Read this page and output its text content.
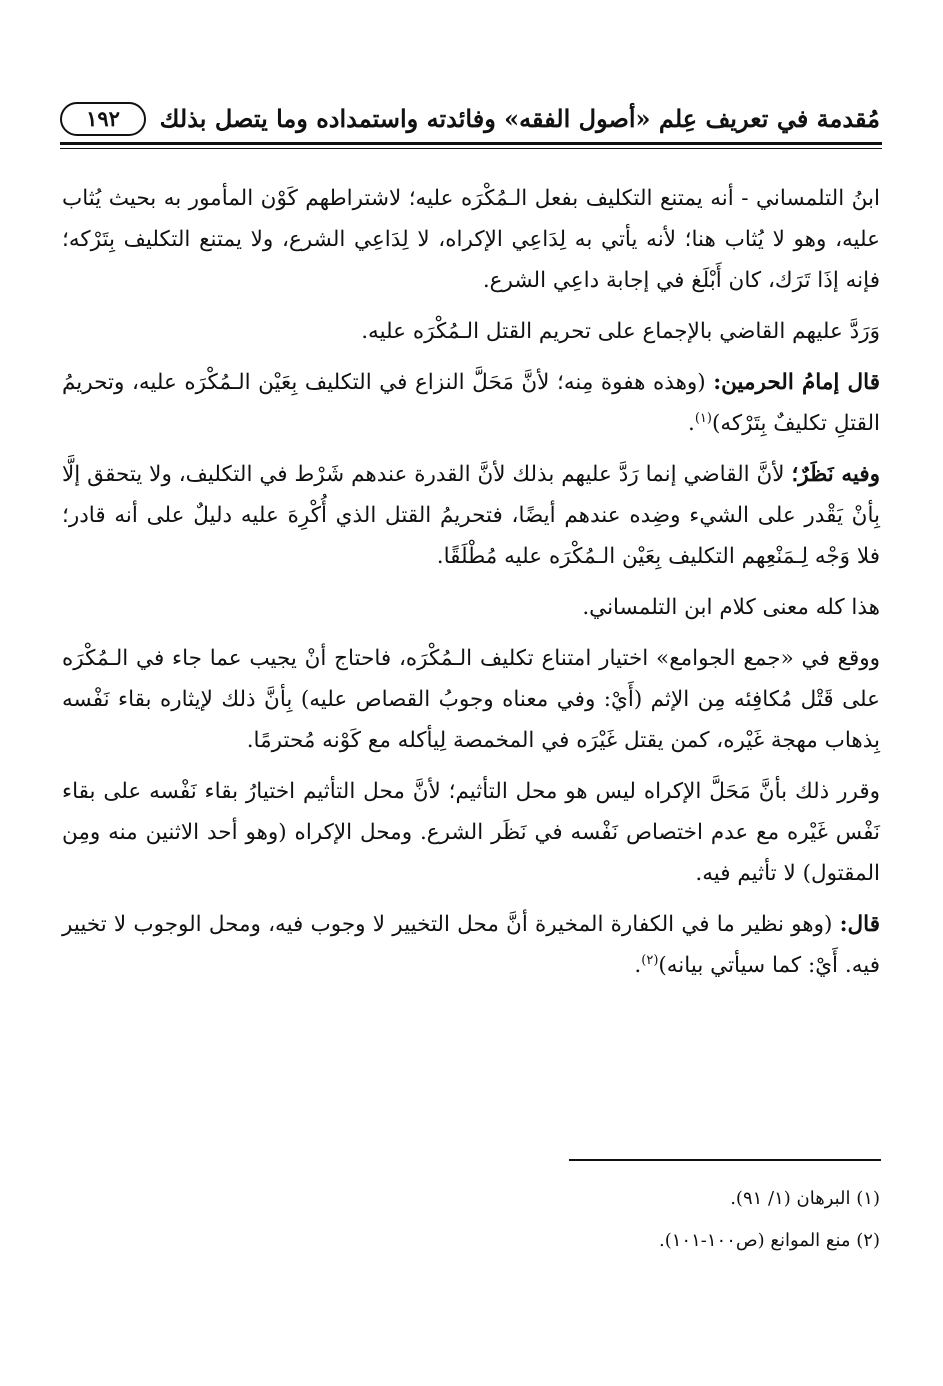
١٩٢	مُقدمة في تعريف عِلم «أصول الفقه» وفائدته واستمداده وما يتصل بذلك

ابنُ التلمساني - أنه يمتنع التكليف بفعل الـمُكْرَه عليه؛ لاشتراطهم كَوْن المأمور به بحيث يُثاب عليه، وهو لا يُثاب هنا؛ لأنه يأتي به لِدَاعِي الإكراه، لا لِدَاعِي الشرع، ولا يمتنع التكليف بِتَرْكه؛ فإنه إذَا تَرَك، كان أَبْلَغ في إجابة داعِي الشرع.

وَرَدَّ عليهم القاضي بالإجماع على تحريم القتل الـمُكْرَه عليه.

قال إمامُ الحرمين: (وهذه هفوة مِنه؛ لأنَّ مَحَلَّ النزاع في التكليف بِعَيْن الـمُكْرَه عليه، وتحريمُ القتلِ تكليفٌ بِتَرْكه)$^{(١)}$.

وفيه نَظَرٌ؛ لأنَّ القاضي إنما رَدَّ عليهم بذلك لأنَّ القدرة عندهم شَرْط في التكليف، ولا يتحقق إلَّا بِأنْ يَقْدر على الشيء وضِده عندهم أيضًا، فتحريمُ القتل الذي أُكْرِهَ عليه دليلٌ على أنه قادر؛ فلا وَجْه لِـمَنْعِهم التكليف بِعَيْن الـمُكْرَه عليه مُطْلَقًا.

هذا كله معنى كلام ابن التلمساني.

ووقع في «جمع الجوامع» اختيار امتناع تكليف الـمُكْرَه، فاحتاج أنْ يجيب عما جاء في الـمُكْرَه على قَتْل مُكافِئه مِن الإثم (أَيْ: وفي معناه وجوبُ القصاص عليه) بِأنَّ ذلك لإيثاره بقاء نَفْسه بِذهاب مهجة غَيْره، كمن يقتل غَيْرَه في المخمصة لِيأكله مع كَوْنه مُحترمًا.

وقرر ذلك بأنَّ مَحَلَّ الإكراه ليس هو محل التأثيم؛ لأنَّ محل التأثيم اختيارُ بقاء نَفْسه على بقاء نَفْس غَيْره مع عدم اختصاص نَفْسه في نَظَر الشرع. ومحل الإكراه (وهو أحد الاثنين منه ومِن المقتول) لا تأثيم فيه.

قال: (وهو نظير ما في الكفارة المخيرة أنَّ محل التخيير لا وجوب فيه، ومحل الوجوب لا تخيير فيه. أَيْ: كما سيأتي بيانه)$^{(٢)}$.

(١) البرهان (١/ ٩١).

(٢) منع الموانع (ص١٠٠-١٠١).
